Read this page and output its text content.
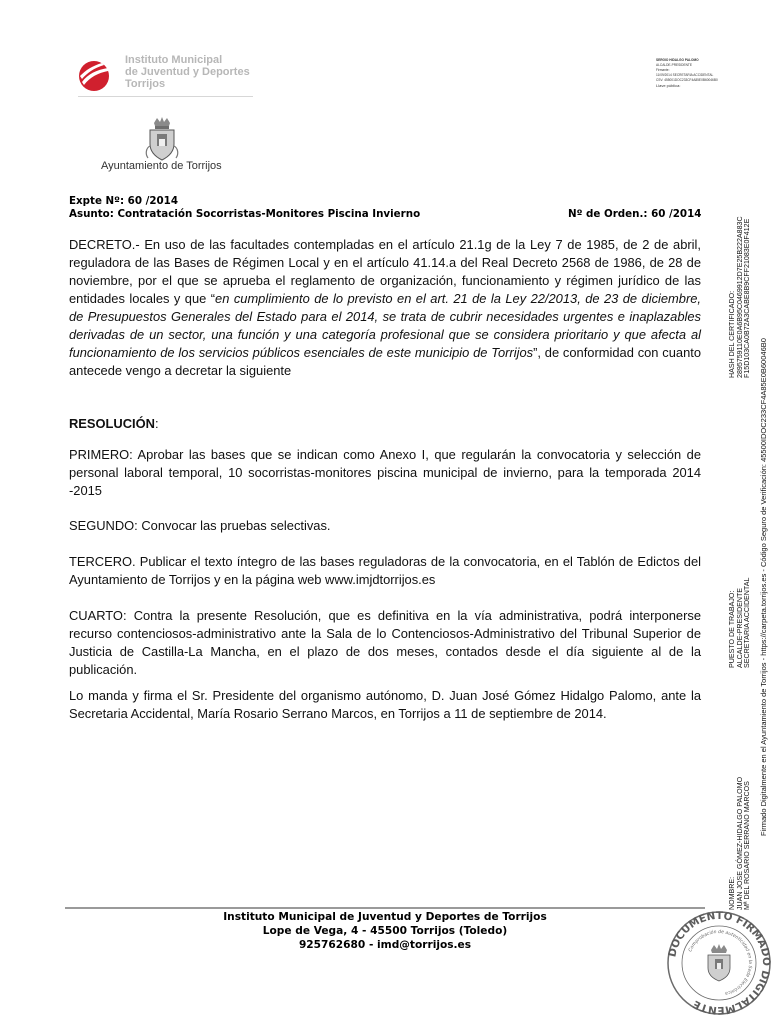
Instituto Municipal
de Juventud y Deportes
Torrijos
Ayuntamiento de Torrijos
SERGIO HIDALGO PALOMO
ALCALDE-PRESIDENTE
Firmante:
11/09/2014 SECRETARIA ACCIDENTAL
CSV: 455001DOC233CF4A85E0B60046B0
Llave pública:
Expte Nº: 60 /2014
Asunto: Contratación Socorristas-Monitores Piscina Invierno	Nº de Orden.: 60 /2014
DECRETO.- En uso de las facultades contempladas en el artículo 21.1g de la Ley 7 de 1985, de 2 de abril, reguladora de las Bases de Régimen Local y en el artículo 41.14.a del Real Decreto 2568 de 1986, de 28 de noviembre, por el que se aprueba el reglamento de organización, funcionamiento y régimen jurídico de las entidades locales y que “en cumplimiento de lo previsto en el art. 21 de la Ley 22/2013, de 23 de diciembre, de Presupuestos Generales del Estado para el 2014, se trata de cubrir necesidades urgentes e inaplazables derivadas de un sector, una función y una categoría profesional que se considera prioritario y que afecta al funcionamiento de los servicios públicos esenciales de este municipio de Torrijos”, de conformidad con cuanto antecede vengo a decretar la siguiente
RESOLUCIÓN:
PRIMERO: Aprobar las bases que se indican como Anexo I, que regularán la convocatoria y selección de personal laboral temporal, 10 socorristas-monitores piscina municipal de invierno, para la temporada 2014 -2015
SEGUNDO: Convocar las pruebas selectivas.
TERCERO. Publicar el texto íntegro de las bases reguladoras de la convocatoria, en el Tablón de Edictos del Ayuntamiento de Torrijos y en la página web www.imjdtorrijos.es
CUARTO: Contra la presente Resolución, que es definitiva en la vía administrativa, podrá interponerse recurso contenciosos-administrativo ante la Sala de lo Contenciosos-Administrativo del Tribunal Superior de Justicia de Castilla-La Mancha, en el plazo de dos meses, contados desde el día siguiente al de la publicación.
Lo manda y firma el Sr. Presidente del organismo autónomo, D. Juan José Gómez Hidalgo Palomo, ante la Secretaria Accidental, María Rosario Serrano Marcos, en Torrijos a 11 de septiembre de 2014.
HASH DEL CERTIFICADO: 2895759110E0A6B95C0469912D7E25B222A883C F15D103CA0B72A3CABE8B9CFF21083E0F412E
PUESTO DE TRABAJO: ALCALDE-PRESIDENTE SECRETARIA ACCIDENTAL
NOMBRE: JUAN JOSE GÓMEZ-HIDALGO PALOMO Mª DEL ROSARIO SERRANO MARCOS
Firmado Digitalmente en el Ayuntamiento de Torrijos - https://carpeta.torrijos.es - Código Seguro de Verificación: 45500IDOC233CF4A85E0B60046B0
Instituto Municipal de Juventud y Deportes de Torrijos
Lope de Vega, 4 - 45500 Torrijos (Toledo)
925762680 - imd@torrijos.es
DOCUMENTO FIRMADO DIGITALMENTE
Comprobación de autenticidad en la Sede Electrónica
